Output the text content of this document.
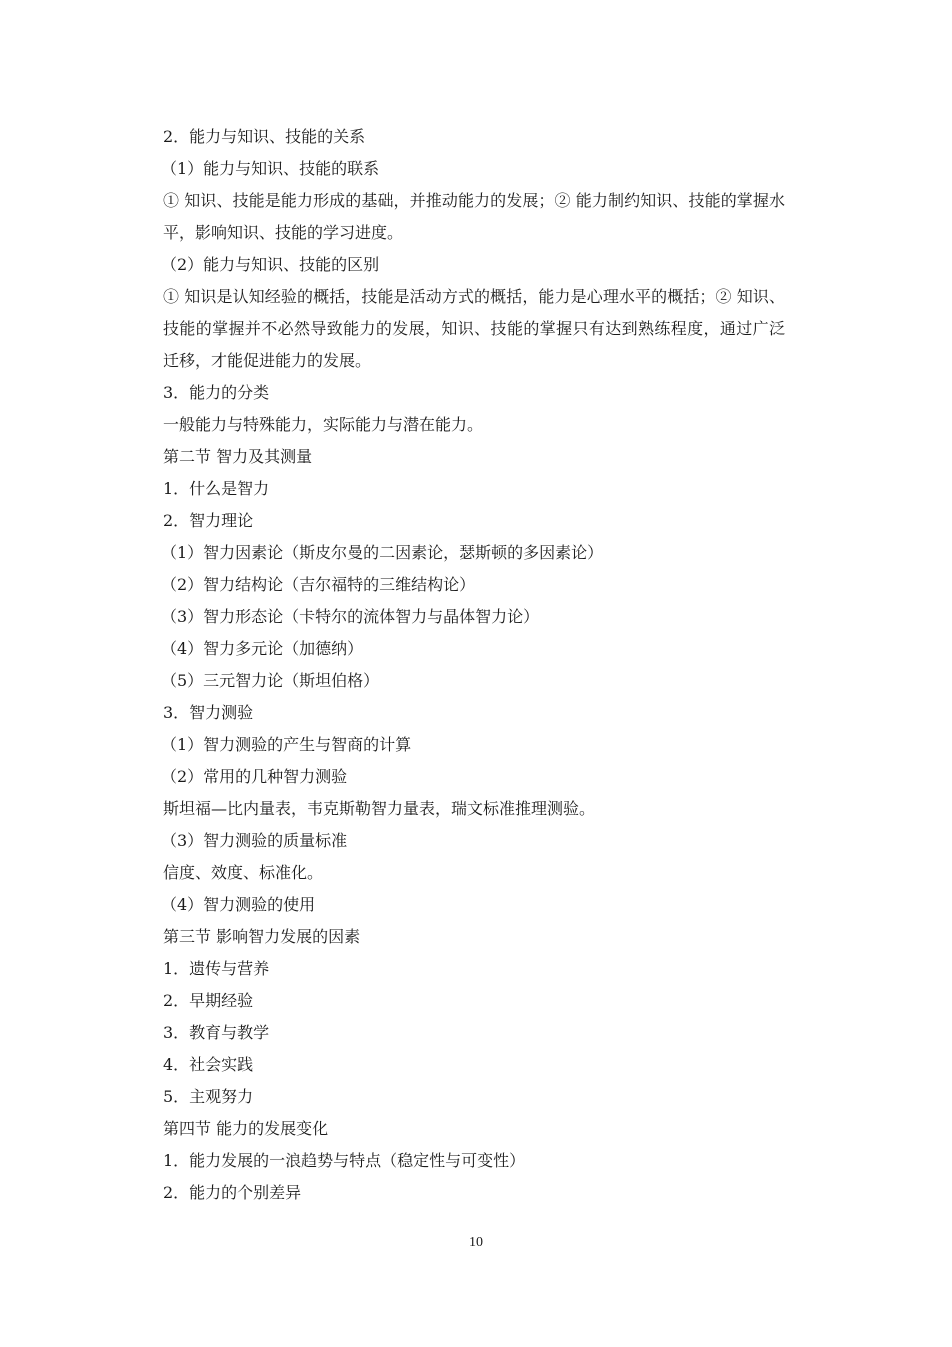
2．能力与知识、技能的关系
（1）能力与知识、技能的联系
① 知识、技能是能力形成的基础，并推动能力的发展；② 能力制约知识、技能的掌握水平，影响知识、技能的学习进度。
（2）能力与知识、技能的区别
① 知识是认知经验的概括，技能是活动方式的概括，能力是心理水平的概括；② 知识、技能的掌握并不必然导致能力的发展，知识、技能的掌握只有达到熟练程度，通过广泛迁移，才能促进能力的发展。
3．能力的分类
一般能力与特殊能力，实际能力与潜在能力。
第二节 智力及其测量
1．什么是智力
2．智力理论
（1）智力因素论（斯皮尔曼的二因素论，瑟斯顿的多因素论）
（2）智力结构论（吉尔福特的三维结构论）
（3）智力形态论（卡特尔的流体智力与晶体智力论）
（4）智力多元论（加德纳）
（5）三元智力论（斯坦伯格）
3．智力测验
（1）智力测验的产生与智商的计算
（2）常用的几种智力测验
斯坦福—比内量表，韦克斯勒智力量表，瑞文标准推理测验。
（3）智力测验的质量标准
信度、效度、标准化。
（4）智力测验的使用
第三节 影响智力发展的因素
1．遗传与营养
2．早期经验
3．教育与教学
4．社会实践
5．主观努力
第四节 能力的发展变化
1．能力发展的一浪趋势与特点（稳定性与可变性）
2．能力的个别差异
10
